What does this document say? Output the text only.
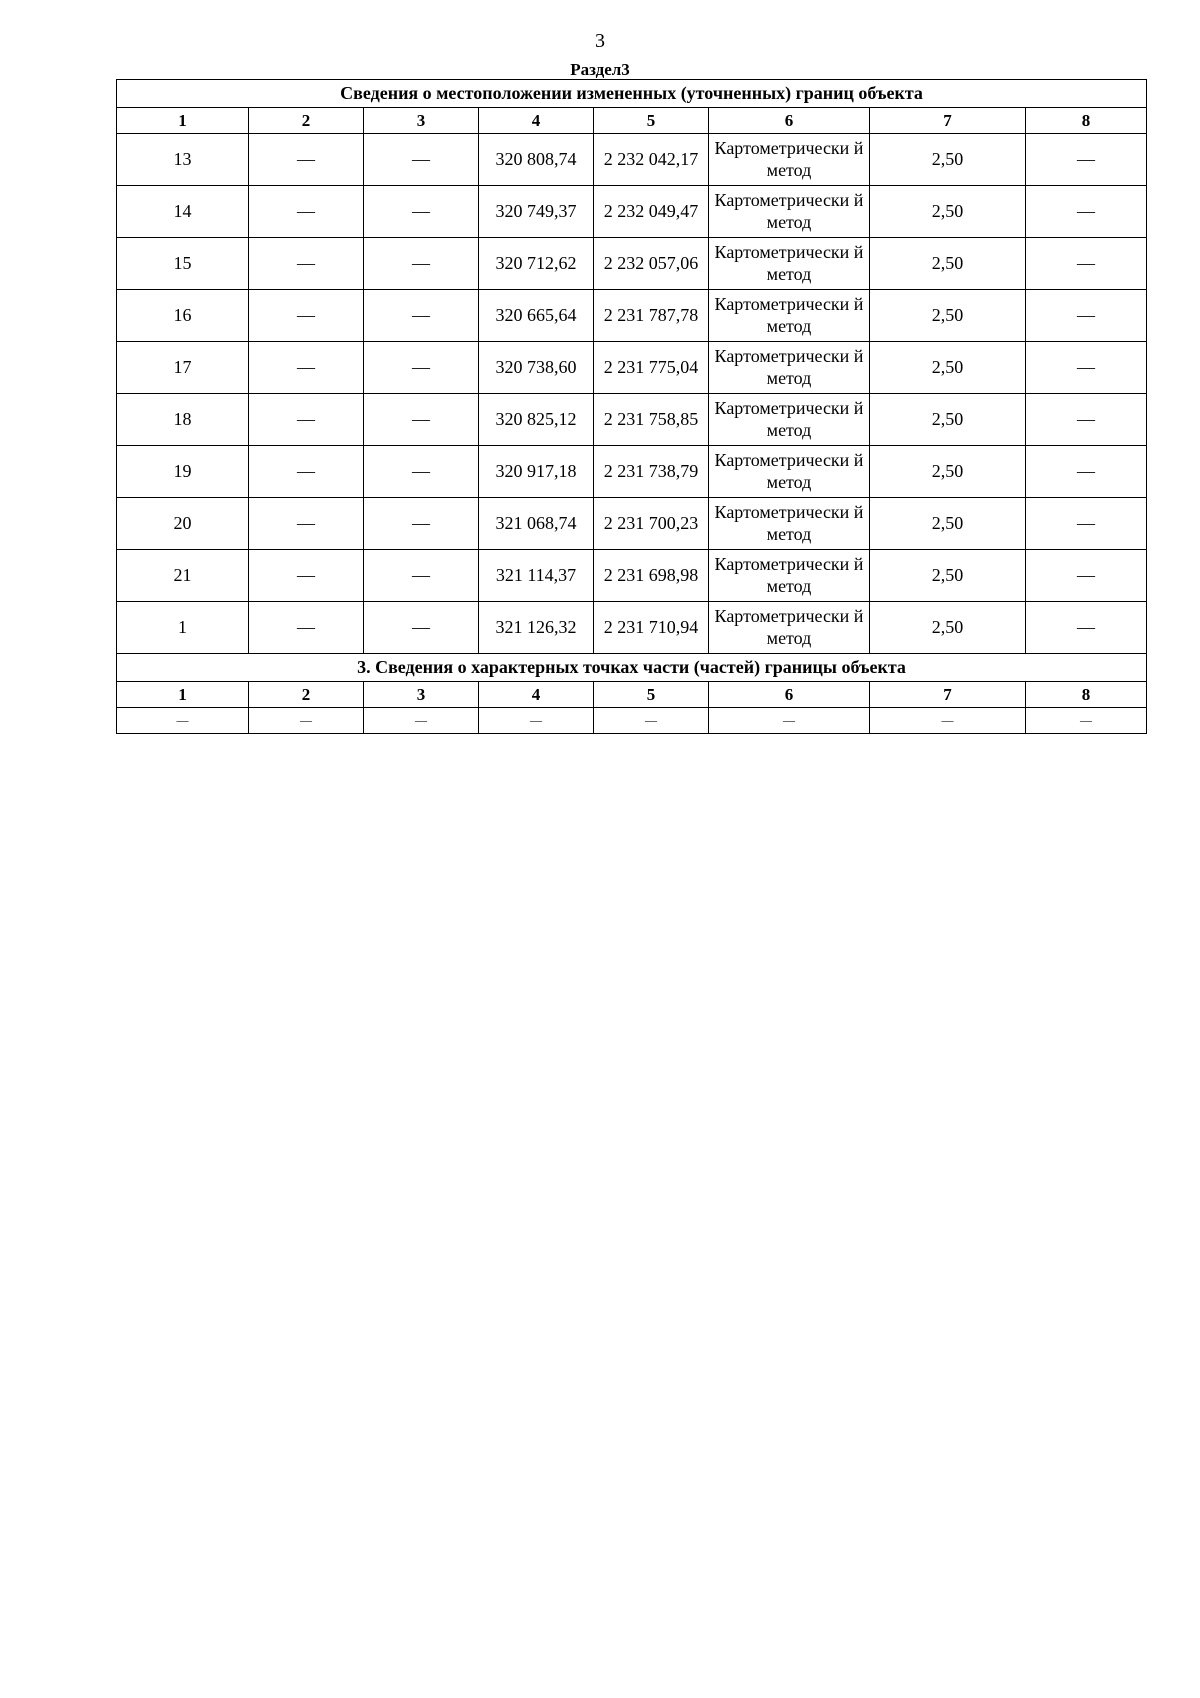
3
Раздел3
Сведения о местоположении измененных (уточненных) границ объекта							
1	2	3	4	5	6	7	8
13	—	—	320 808,74	2 232 042,17	Картометрически й метод	2,50	—
14	—	—	320 749,37	2 232 049,47	Картометрически й метод	2,50	—
15	—	—	320 712,62	2 232 057,06	Картометрически й метод	2,50	—
16	—	—	320 665,64	2 231 787,78	Картометрически й метод	2,50	—
17	—	—	320 738,60	2 231 775,04	Картометрически й метод	2,50	—
18	—	—	320 825,12	2 231 758,85	Картометрически й метод	2,50	—
19	—	—	320 917,18	2 231 738,79	Картометрически й метод	2,50	—
20	—	—	321 068,74	2 231 700,23	Картометрически й метод	2,50	—
21	—	—	321 114,37	2 231 698,98	Картометрически й метод	2,50	—
1	—	—	321 126,32	2 231 710,94	Картометрически й метод	2,50	—
3. Сведения о характерных точках части (частей) границы объекта							
1	2	3	4	5	6	7	8
—	—	—	—	—	—	—	—
